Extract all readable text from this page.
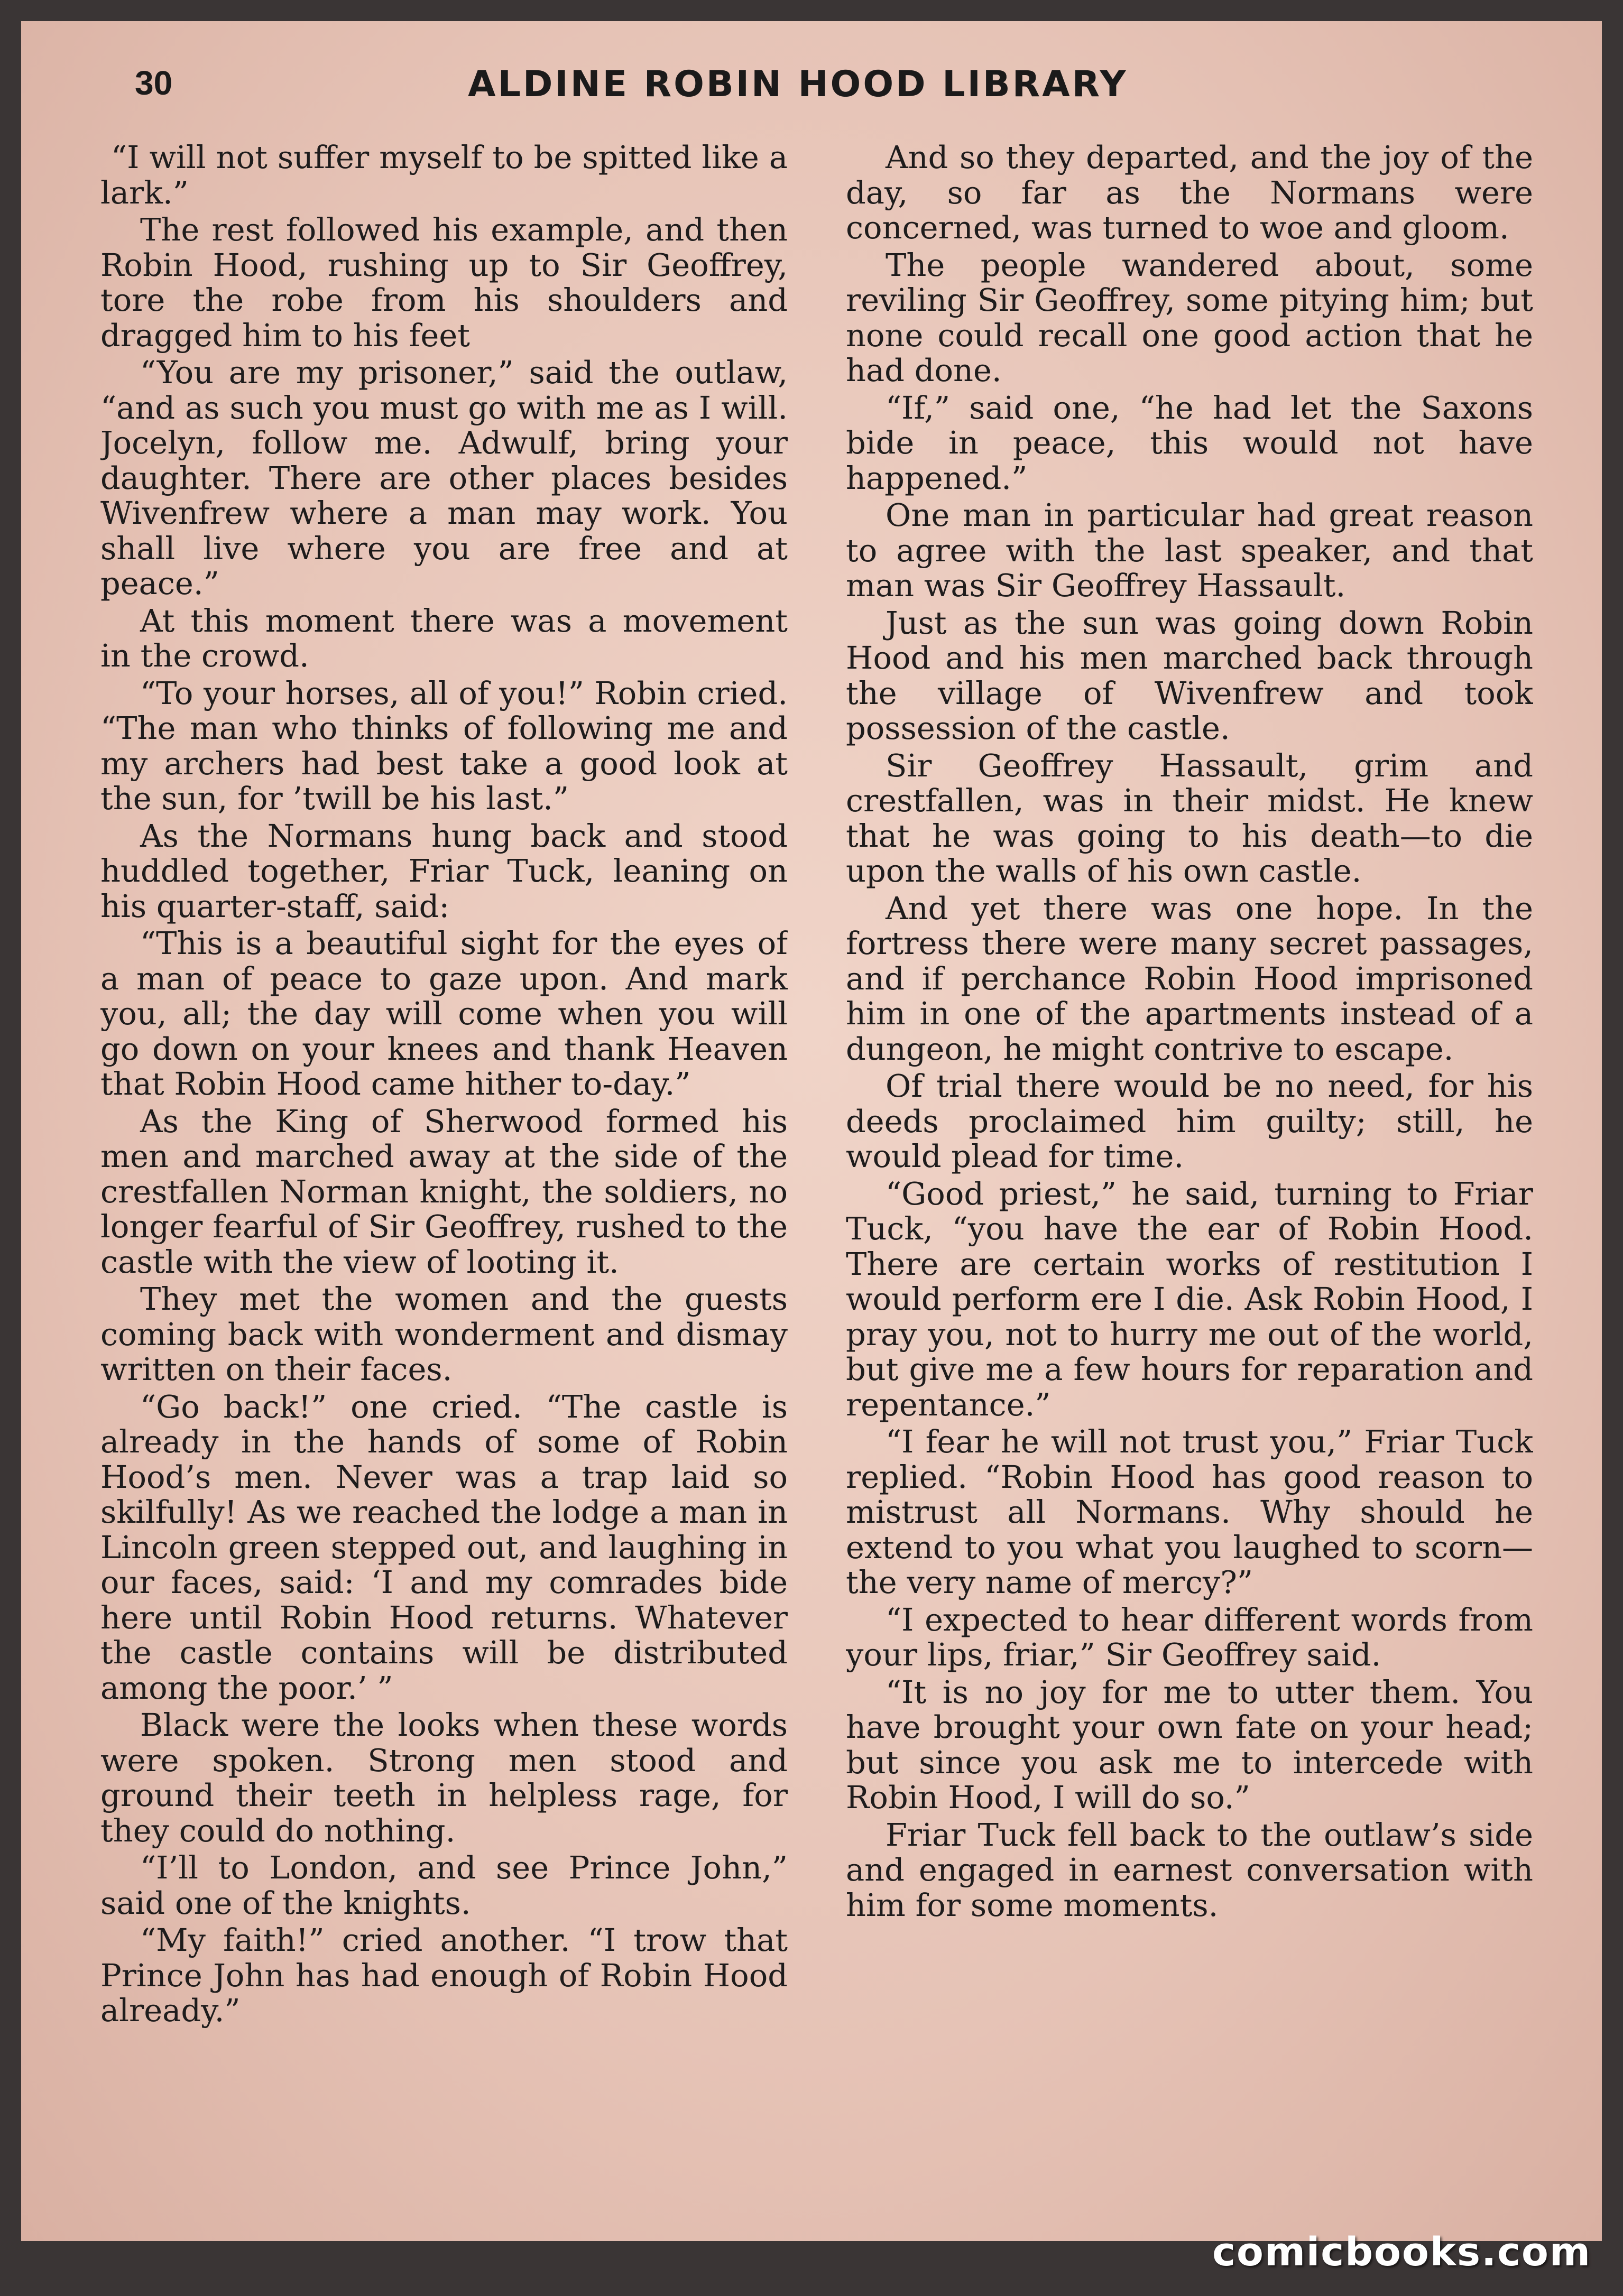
30	ALDINE ROBIN HOOD LIBRARY

“I will not suffer myself to be spitted like a lark.”

The rest followed his example, and then Robin Hood, rushing up to Sir Geoffrey, tore the robe from his shoulders and dragged him to his feet

“You are my prisoner,” said the outlaw, “and as such you must go with me as I will. Jocelyn, follow me. Adwulf, bring your daughter. There are other places besides Wivenfrew where a man may work. You shall live where you are free and at peace.”

At this moment there was a movement in the crowd.

“To your horses, all of you!” Robin cried. “The man who thinks of following me and my archers had best take a good look at the sun, for ’twill be his last.”

As the Normans hung back and stood huddled together, Friar Tuck, leaning on his quarter-staff, said:

“This is a beautiful sight for the eyes of a man of peace to gaze upon. And mark you, all; the day will come when you will go down on your knees and thank Heaven that Robin Hood came hither to-day.”

As the King of Sherwood formed his men and marched away at the side of the crestfallen Norman knight, the soldiers, no longer fearful of Sir Geoffrey, rushed to the castle with the view of looting it.

They met the women and the guests coming back with wonderment and dismay written on their faces.

“Go back!” one cried. “The castle is already in the hands of some of Robin Hood’s men. Never was a trap laid so skilfully! As we reached the lodge a man in Lincoln green stepped out, and laughing in our faces, said: ‘I and my comrades bide here until Robin Hood returns. Whatever the castle contains will be distributed among the poor.’ ”

Black were the looks when these words were spoken. Strong men stood and ground their teeth in helpless rage, for they could do nothing.

“I’ll to London, and see Prince John,” said one of the knights.

“My faith!” cried another. “I trow that Prince John has had enough of Robin Hood already.”

And so they departed, and the joy of the day, so far as the Normans were concerned, was turned to woe and gloom.

The people wandered about, some reviling Sir Geoffrey, some pitying him; but none could recall one good action that he had done.

“If,” said one, “he had let the Saxons bide in peace, this would not have happened.”

One man in particular had great reason to agree with the last speaker, and that man was Sir Geoffrey Hassault.

Just as the sun was going down Robin Hood and his men marched back through the village of Wivenfrew and took possession of the castle.

Sir Geoffrey Hassault, grim and crestfallen, was in their midst. He knew that he was going to his death—to die upon the walls of his own castle.

And yet there was one hope. In the fortress there were many secret passages, and if perchance Robin Hood imprisoned him in one of the apartments instead of a dungeon, he might contrive to escape.

Of trial there would be no need, for his deeds proclaimed him guilty; still, he would plead for time.

“Good priest,” he said, turning to Friar Tuck, “you have the ear of Robin Hood. There are certain works of restitution I would perform ere I die. Ask Robin Hood, I pray you, not to hurry me out of the world, but give me a few hours for reparation and repentance.”

“I fear he will not trust you,” Friar Tuck replied. “Robin Hood has good reason to mistrust all Normans. Why should he extend to you what you laughed to scorn—the very name of mercy?”

“I expected to hear different words from your lips, friar,” Sir Geoffrey said.

“It is no joy for me to utter them. You have brought your own fate on your head; but since you ask me to intercede with Robin Hood, I will do so.”

Friar Tuck fell back to the outlaw’s side and engaged in earnest conversation with him for some moments.

comicbooks.com
